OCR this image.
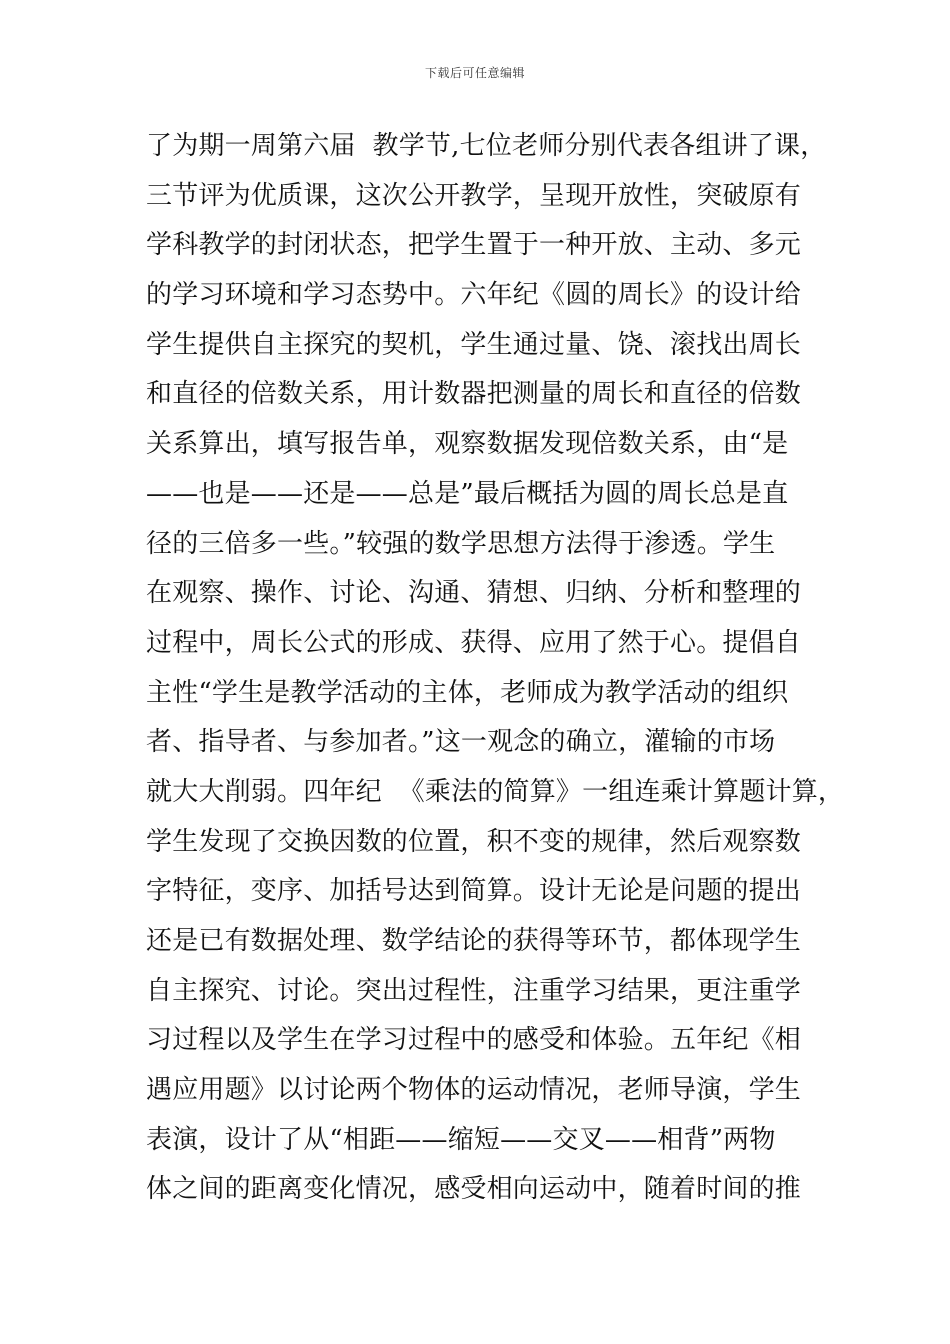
下载后可任意编辑
了为期一周第六届  教学节,七位老师分别代表各组讲了课，
三节评为优质课，这次公开教学，呈现开放性，突破原有
学科教学的封闭状态，把学生置于一种开放、主动、多元
的学习环境和学习态势中。六年纪《圆的周长》的设计给
学生提供自主探究的契机，学生通过量、饶、滚找出周长
和直径的倍数关系，用计数器把测量的周长和直径的倍数
关系算出，填写报告单，观察数据发现倍数关系，由“是
——也是——还是——总是”最后概括为圆的周长总是直
径的三倍多一些。”较强的数学思想方法得于渗透。学生
在观察、操作、讨论、沟通、猜想、归纳、分析和整理的
过程中，周长公式的形成、获得、应用了然于心。提倡自
主性“学生是教学活动的主体，老师成为教学活动的组织
者、指导者、与参加者。”这一观念的确立，灌输的市场
就大大削弱。四年纪  《乘法的简算》一组连乘计算题计算，
学生发现了交换因数的位置，积不变的规律，然后观察数
字特征，变序、加括号达到简算。设计无论是问题的提出
还是已有数据处理、数学结论的获得等环节，都体现学生
自主探究、讨论。突出过程性，注重学习结果，更注重学
习过程以及学生在学习过程中的感受和体验。五年纪《相
遇应用题》以讨论两个物体的运动情况，老师导演，学生
表演，设计了从“相距——缩短——交叉——相背”两物
体之间的距离变化情况，感受相向运动中，随着时间的推
